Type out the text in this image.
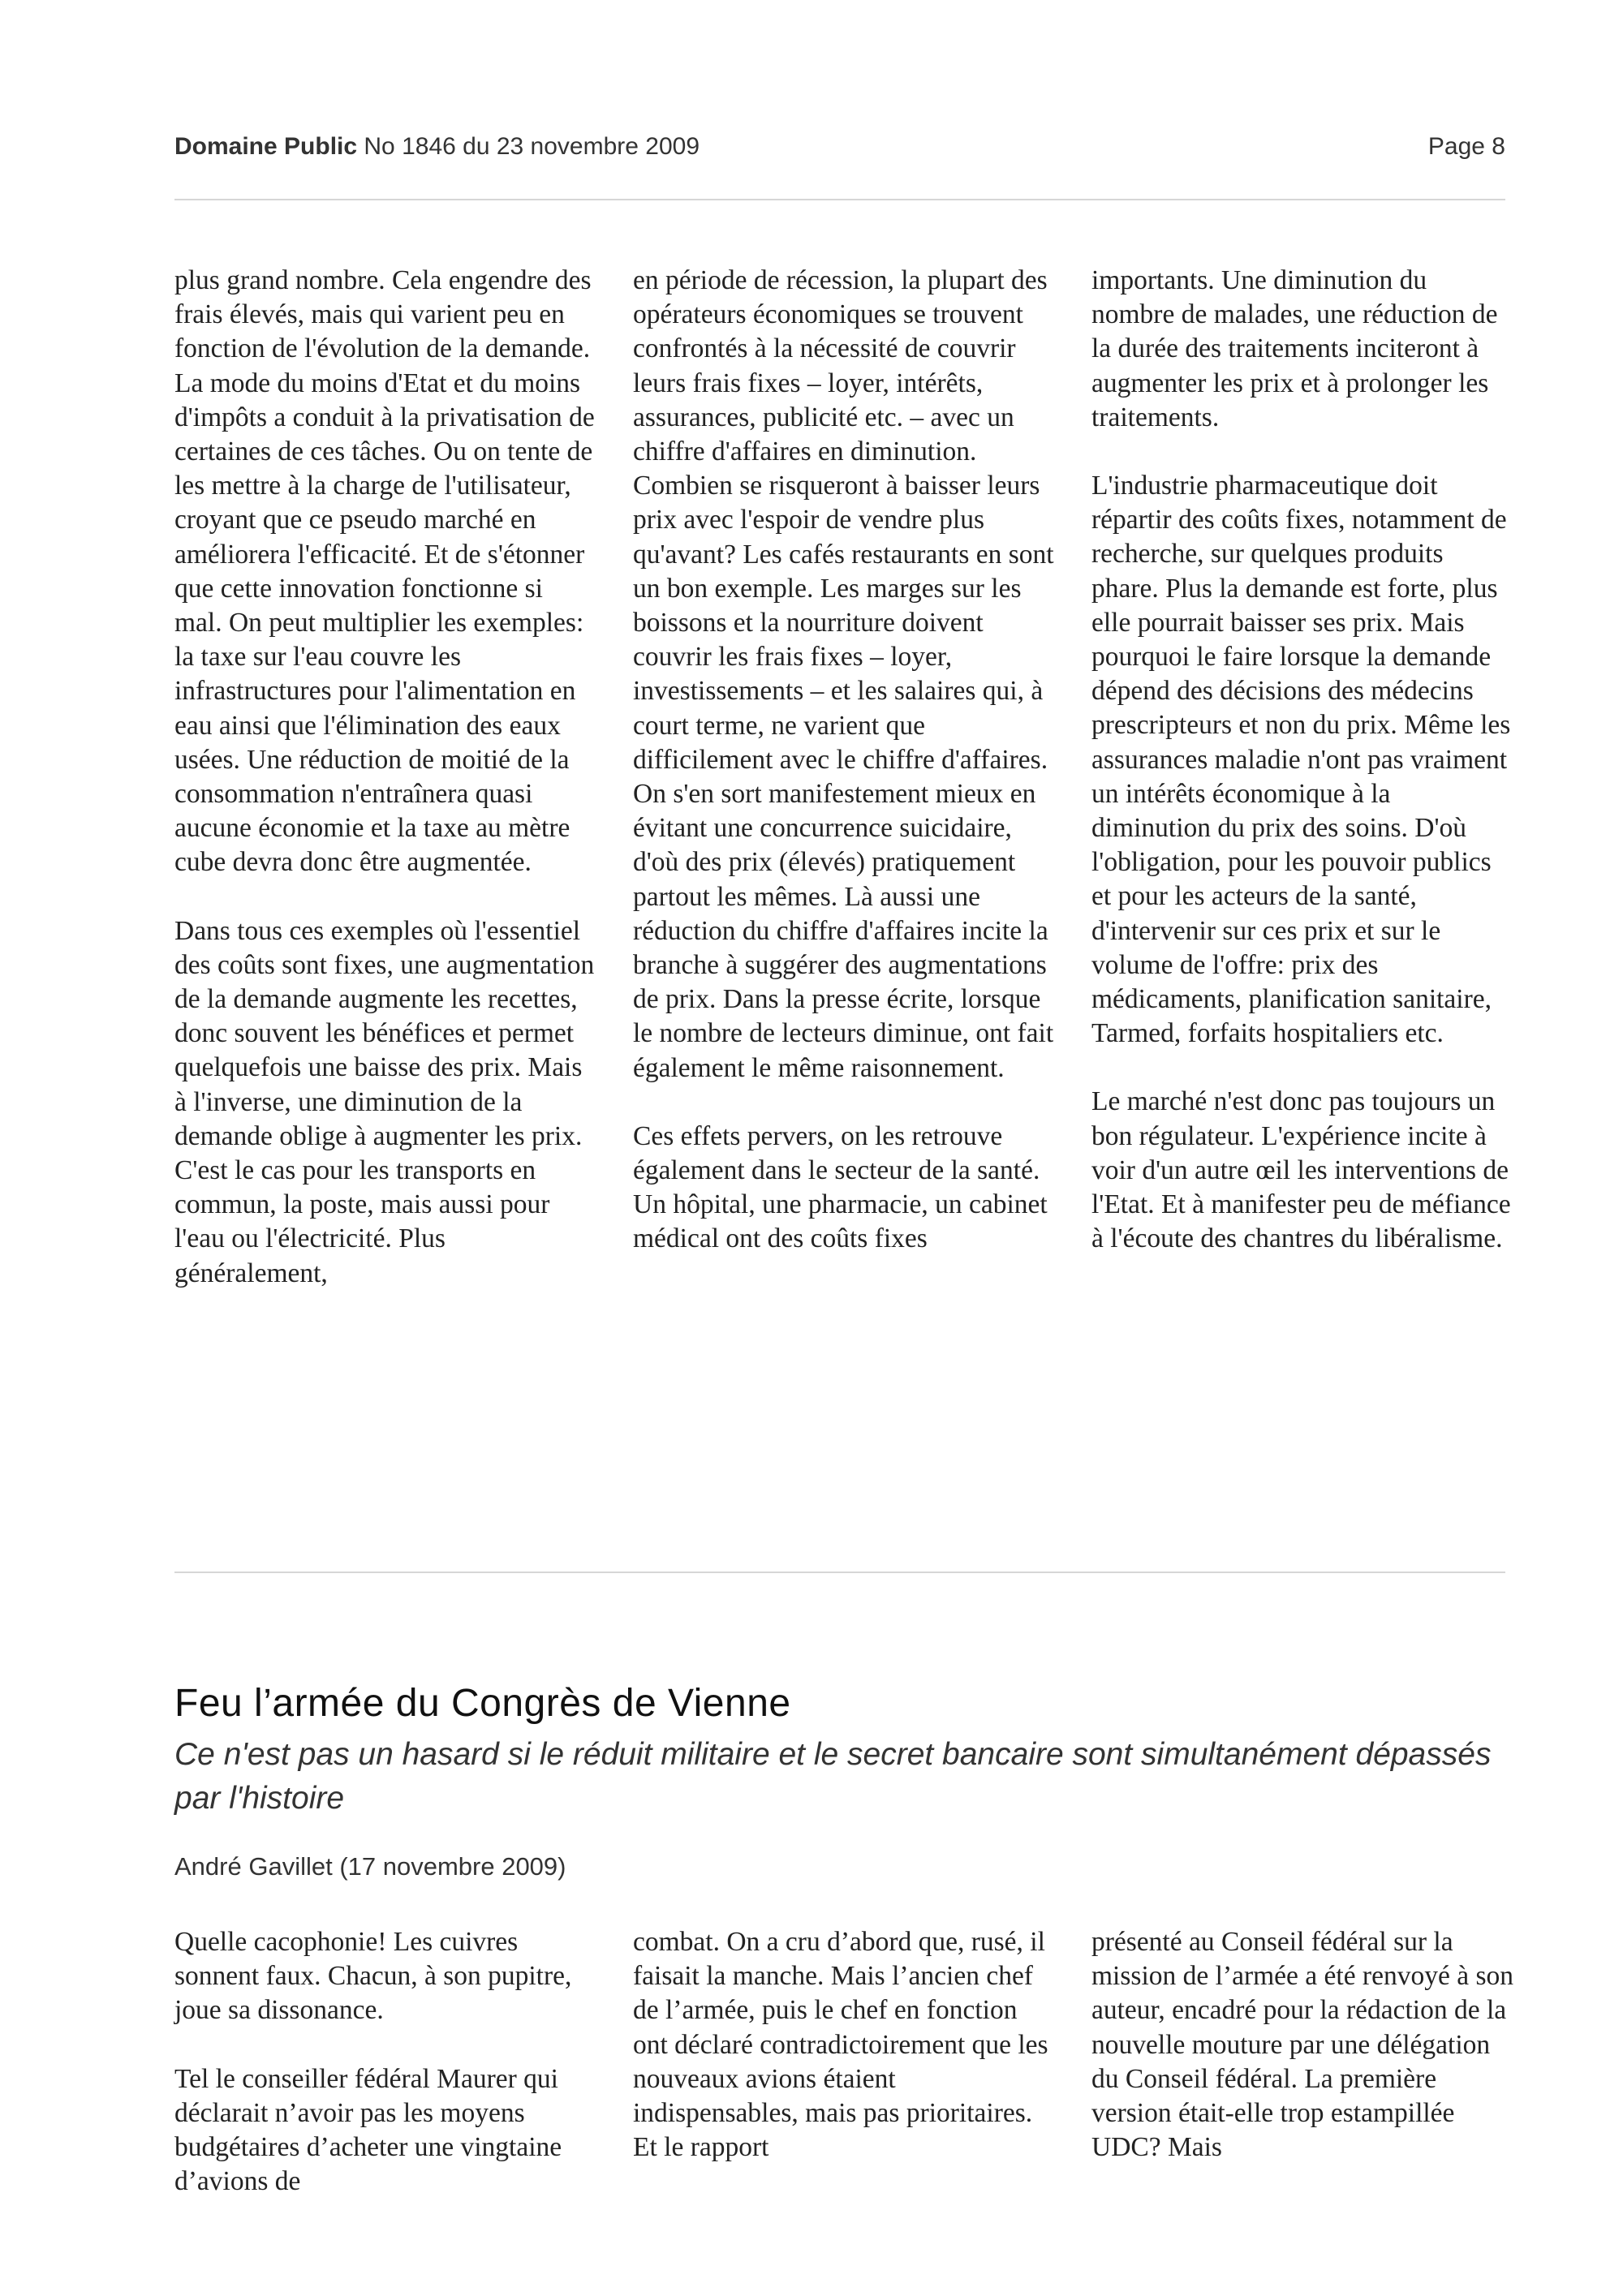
Domaine Public No 1846 du 23 novembre 2009	Page 8

plus grand nombre. Cela engendre des frais élevés, mais qui varient peu en fonction de l'évolution de la demande. La mode du moins d'Etat et du moins d'impôts a conduit à la privatisation de certaines de ces tâches. Ou on tente de les mettre à la charge de l'utilisateur, croyant que ce pseudo marché en améliorera l'efficacité. Et de s'étonner que cette innovation fonctionne si mal. On peut multiplier les exemples: la taxe sur l'eau couvre les infrastructures pour l'alimentation en eau ainsi que l'élimination des eaux usées. Une réduction de moitié de la consommation n'entraînera quasi aucune économie et la taxe au mètre cube devra donc être augmentée.

Dans tous ces exemples où l'essentiel des coûts sont fixes, une augmentation de la demande augmente les recettes, donc souvent les bénéfices et permet quelquefois une baisse des prix. Mais à l'inverse, une diminution de la demande oblige à augmenter les prix. C'est le cas pour les transports en commun, la poste, mais aussi pour l'eau ou l'électricité. Plus généralement,

en période de récession, la plupart des opérateurs économiques se trouvent confrontés à la nécessité de couvrir leurs frais fixes – loyer, intérêts, assurances, publicité etc. – avec un chiffre d'affaires en diminution. Combien se risqueront à baisser leurs prix avec l'espoir de vendre plus qu'avant? Les cafés restaurants en sont un bon exemple. Les marges sur les boissons et la nourriture doivent couvrir les frais fixes – loyer, investissements – et les salaires qui, à court terme, ne varient que difficilement avec le chiffre d'affaires. On s'en sort manifestement mieux en évitant une concurrence suicidaire, d'où des prix (élevés) pratiquement partout les mêmes. Là aussi une réduction du chiffre d'affaires incite la branche à suggérer des augmentations de prix. Dans la presse écrite, lorsque le nombre de lecteurs diminue, ont fait également le même raisonnement.

Ces effets pervers, on les retrouve également dans le secteur de la santé. Un hôpital, une pharmacie, un cabinet médical ont des coûts fixes

importants. Une diminution du nombre de malades, une réduction de la durée des traitements inciteront à augmenter les prix et à prolonger les traitements.

L'industrie pharmaceutique doit répartir des coûts fixes, notamment de recherche, sur quelques produits phare. Plus la demande est forte, plus elle pourrait baisser ses prix. Mais pourquoi le faire lorsque la demande dépend des décisions des médecins prescripteurs et non du prix. Même les assurances maladie n'ont pas vraiment un intérêts économique à la diminution du prix des soins. D'où l'obligation, pour les pouvoir publics et pour les acteurs de la santé, d'intervenir sur ces prix et sur le volume de l'offre: prix des médicaments, planification sanitaire, Tarmed, forfaits hospitaliers etc.

Le marché n'est donc pas toujours un bon régulateur. L'expérience incite à voir d'un autre œil les interventions de l'Etat. Et à manifester peu de méfiance à l'écoute des chantres du libéralisme.

Feu l’armée du Congrès de Vienne
Ce n'est pas un hasard si le réduit militaire et le secret bancaire sont simultanément dépassés par l'histoire
André Gavillet (17 novembre 2009)

Quelle cacophonie! Les cuivres sonnent faux. Chacun, à son pupitre, joue sa dissonance.

Tel le conseiller fédéral Maurer qui déclarait n’avoir pas les moyens budgétaires d’acheter une vingtaine d’avions de

combat. On a cru d’abord que, rusé, il faisait la manche. Mais l’ancien chef de l’armée, puis le chef en fonction ont déclaré contradictoirement que les nouveaux avions étaient indispensables, mais pas prioritaires. Et le rapport

présenté au Conseil fédéral sur la mission de l’armée a été renvoyé à son auteur, encadré pour la rédaction de la nouvelle mouture par une délégation du Conseil fédéral. La première version était-elle trop estampillée UDC? Mais
